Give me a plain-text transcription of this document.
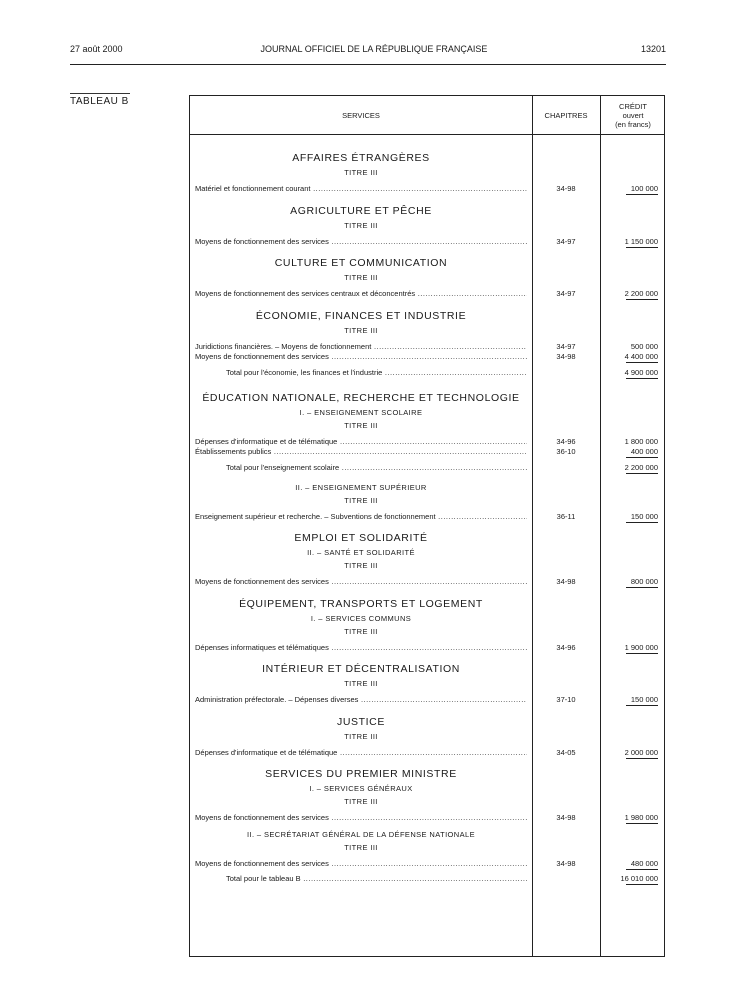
27 août 2000	JOURNAL OFFICIEL DE LA RÉPUBLIQUE FRANÇAISE	13201
TABLEAU B
SERVICES	CHAPITRES
CRÉDIT
ouvert
(en francs)
AFFAIRES ÉTRANGÈRES
TITRE III
Matériel et fonctionnement courant .....	34-98	100 000
AGRICULTURE ET PÊCHE
TITRE III
Moyens de fonctionnement des services .....	34-97	1 150 000
CULTURE ET COMMUNICATION
TITRE III
Moyens de fonctionnement des services centraux et déconcentrés .....	34-97	2 200 000
ÉCONOMIE, FINANCES ET INDUSTRIE
TITRE III
Juridictions financières. – Moyens de fonctionnement .....	34-97	500 000
Moyens de fonctionnement des services .....	34-98	4 400 000
Total pour l'économie, les finances et l'industrie .....	4 900 000
ÉDUCATION NATIONALE, RECHERCHE ET TECHNOLOGIE
I. – ENSEIGNEMENT SCOLAIRE
TITRE III
Dépenses d'informatique et de télématique .....	34-96	1 800 000
Établissements publics .....	36-10	400 000
Total pour l'enseignement scolaire .....	2 200 000
II. – ENSEIGNEMENT SUPÉRIEUR
TITRE III
Enseignement supérieur et recherche. – Subventions de fonctionnement .....	36-11	150 000
EMPLOI ET SOLIDARITÉ
II. – SANTÉ ET SOLIDARITÉ
TITRE III
Moyens de fonctionnement des services .....	34-98	800 000
ÉQUIPEMENT, TRANSPORTS ET LOGEMENT
I. – SERVICES COMMUNS
TITRE III
Dépenses informatiques et télématiques .....	34-96	1 900 000
INTÉRIEUR ET DÉCENTRALISATION
TITRE III
Administration préfectorale. – Dépenses diverses .....	37-10	150 000
JUSTICE
TITRE III
Dépenses d'informatique et de télématique .....	34-05	2 000 000
SERVICES DU PREMIER MINISTRE
I. – SERVICES GÉNÉRAUX
TITRE III
Moyens de fonctionnement des services .....	34-98	1 980 000
II. – SECRÉTARIAT GÉNÉRAL DE LA DÉFENSE NATIONALE
TITRE III
Moyens de fonctionnement des services .....	34-98	480 000
Total pour le tableau B .....	16 010 000
